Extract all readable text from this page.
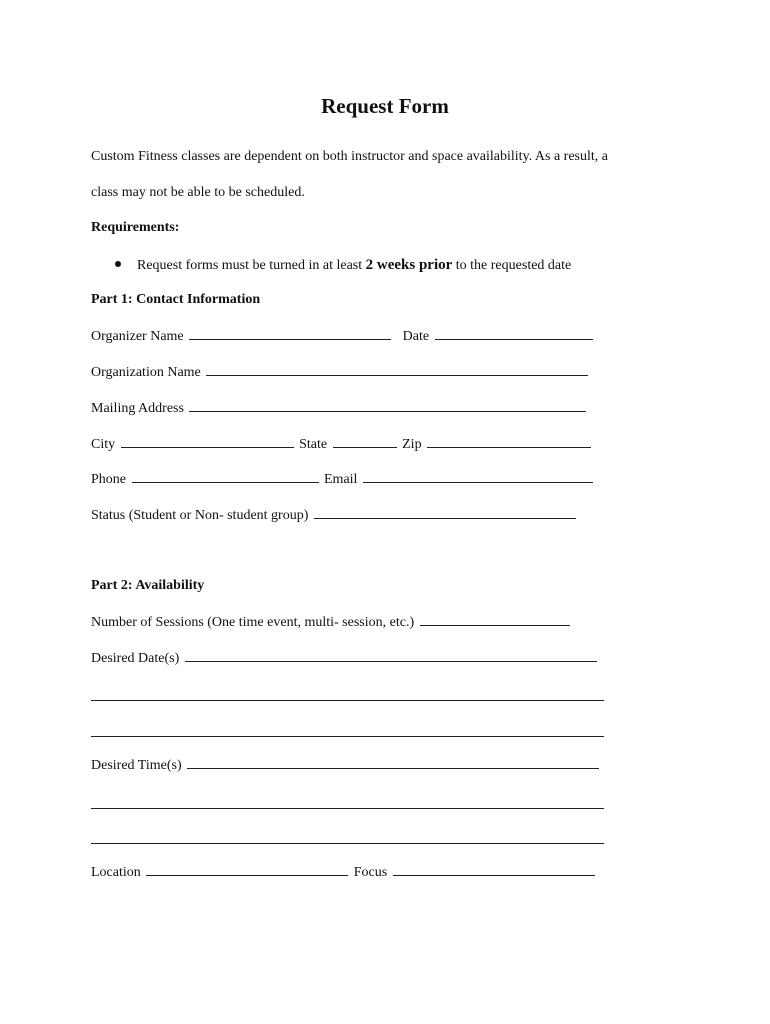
Request Form
Custom Fitness classes are dependent on both instructor and space availability. As a result, a
class may not be able to be scheduled.
Requirements:
Request forms must be turned in at least 2 weeks prior to the requested date
Part 1: Contact Information
Organizer Name	Date
Organization Name
Mailing Address
City	State	Zip
Phone	Email
Status (Student or Non- student group)
Part 2: Availability
Number of Sessions (One time event, multi- session, etc.)
Desired Date(s)
Desired Time(s)
Location	Focus
